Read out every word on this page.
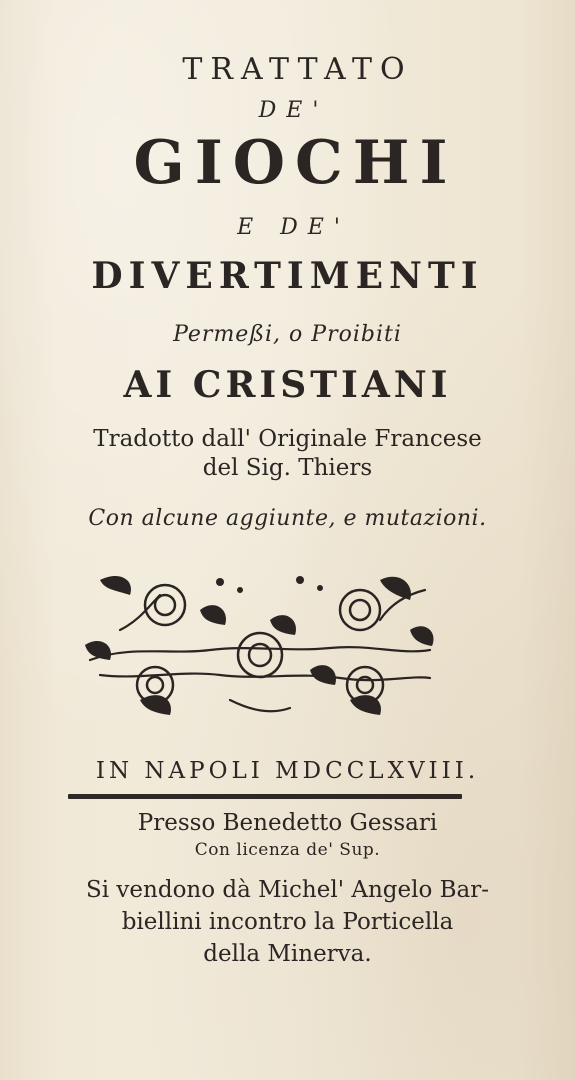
TRATTATO
DE'
GIOCHI
E DE'
DIVERTIMENTI
Permeßi, o Proibiti
AI CRISTIANI
Tradotto dall' Originale Francese
del Sig. Thiers
Con alcune aggiunte, e mutazioni.
IN NAPOLI MDCCLXVIII.
Presso Benedetto Gessari
Con licenza de' Sup.
Si vendono dà Michel' Angelo Bar-
biellini incontro la Porticella
della Minerva.
